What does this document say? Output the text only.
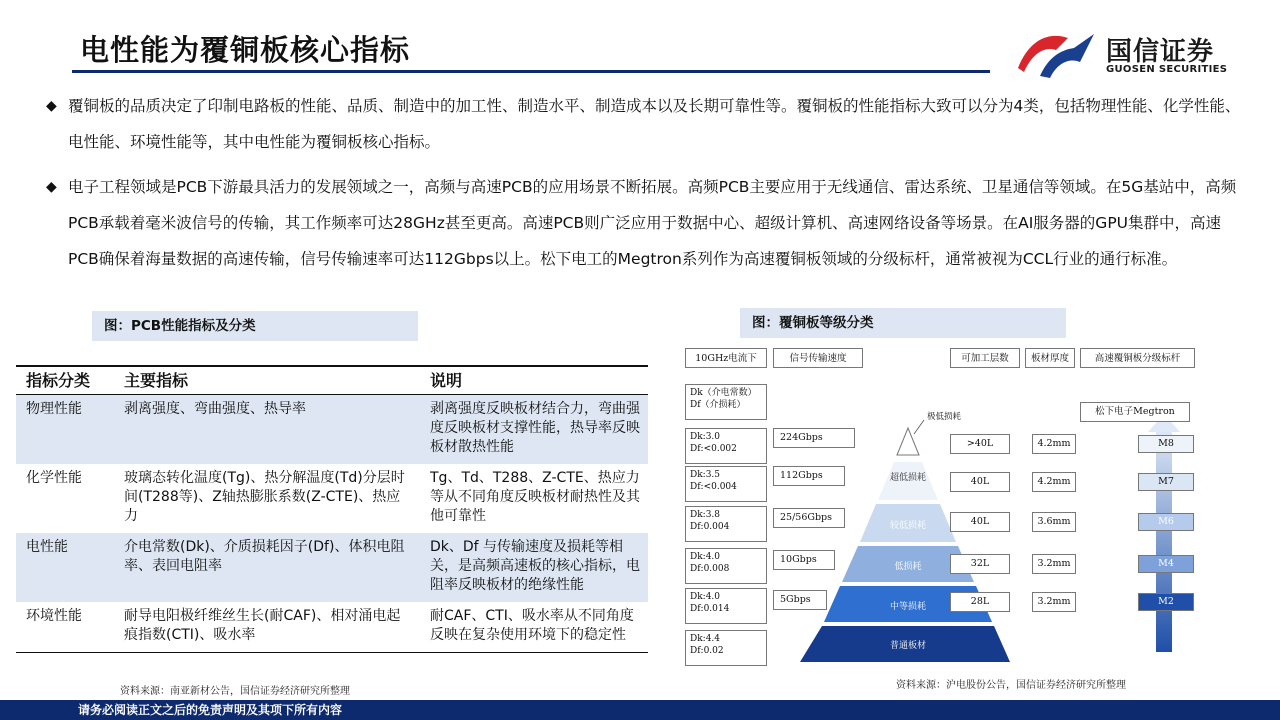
电性能为覆铜板核心指标	国信证券
GUOSEN SECURITIES
◆ 覆铜板的品质决定了印制电路板的性能、品质、制造中的加工性、制造水平、制造成本以及长期可靠性等。覆铜板的性能指标大致可以分为4类，包括物理性能、化学性能、电性能、环境性能等，其中电性能为覆铜板核心指标。
◆ 电子工程领域是PCB下游最具活力的发展领域之一，高频与高速PCB的应用场景不断拓展。高频PCB主要应用于无线通信、雷达系统、卫星通信等领域。在5G基站中，高频PCB承载着毫米波信号的传输，其工作频率可达28GHz甚至更高。高速PCB则广泛应用于数据中心、超级计算机、高速网络设备等场景。在AI服务器的GPU集群中，高速PCB确保着海量数据的高速传输，信号传输速率可达112Gbps以上。松下电工的Megtron系列作为高速覆铜板领域的分级标杆，通常被视为CCL行业的通行标准。
图：PCB性能指标及分类
指标分类	主要指标	说明
物理性能	剥离强度、弯曲强度、热导率	剥离强度反映板材结合力，弯曲强度反映板材支撑性能，热导率反映板材散热性能
化学性能	玻璃态转化温度(Tg)、热分解温度(Td)分层时间(T288等)、Z轴热膨胀系数(Z-CTE)、热应力	Tg、Td、T288、Z-CTE、热应力等从不同角度反映板材耐热性及其他可靠性
电性能	介电常数(Dk)、介质损耗因子(Df)、体积电阻率、表回电阻率	Dk、Df 与传输速度及损耗等相关，是高频高速板的核心指标，电阻率反映板材的绝缘性能
环境性能	耐导电阳极纤维丝生长(耐CAF)、相对涌电起痕指数(CTI)、吸水率	耐CAF、CTI、吸水率从不同角度反映在复杂使用环境下的稳定性
资料来源：南亚新材公告，国信证券经济研究所整理
图：覆铜板等级分类
10GHz电流下	信号传输速度	可加工层数	板材厚度	高速覆铜板分级标杆
Dk（介电常数）
Df（介损耗）
极低损耗	松下电子Megtron
Dk:3.0
Df:<0.002
224Gbps
>40L	4.2mm	M8
Dk:3.5
Df:<0.004
112Gbps	超低损耗	40L	4.2mm	M7
Dk:3.8
Df:0.004
25/56Gbps
较低损耗	40L	3.6mm	M6
Dk:4.0
Df:0.008
10Gbps
低损耗	32L	3.2mm	M4
Dk:4.0
Df:0.014
5Gbps
中等损耗	28L	3.2mm	M2
Dk:4.4
Df:0.02	普通板材
资料来源：沪电股份公告，国信证券经济研究所整理
请务必阅读正文之后的免责声明及其项下所有内容
